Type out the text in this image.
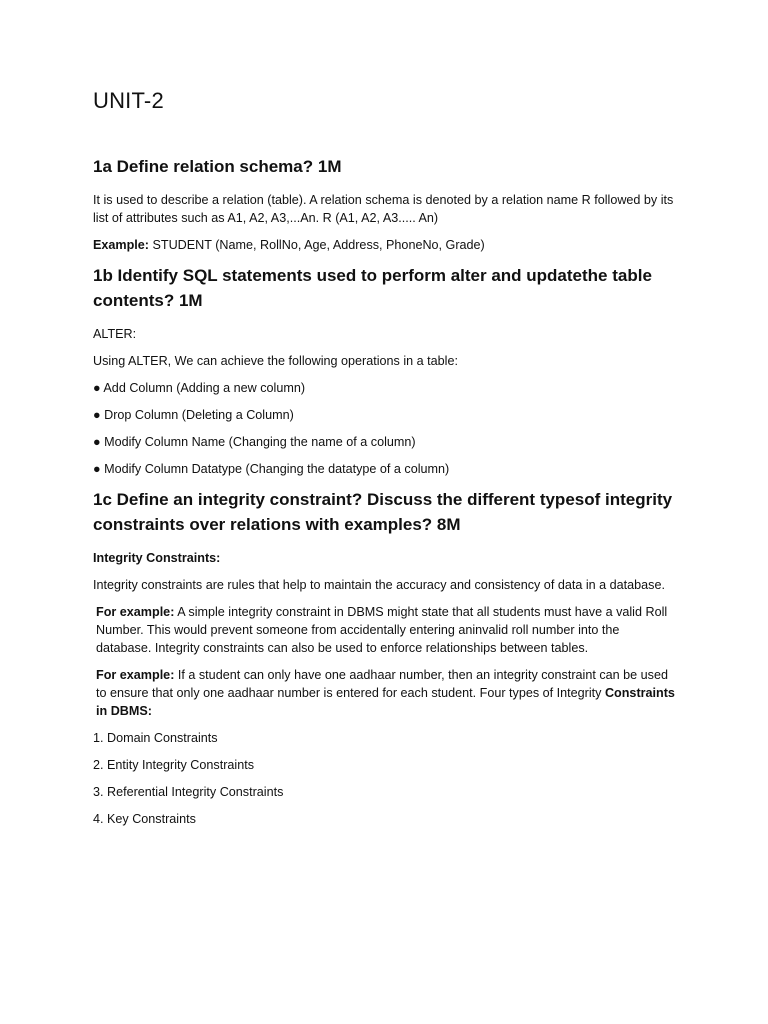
UNIT-2
1a Define relation schema? 1M

It is used to describe a relation (table). A relation schema is denoted by a relation name R followed by its list of attributes such as A1, A2, A3,...An. R (A1, A2, A3..... An)

Example: STUDENT (Name, RollNo, Age, Address, PhoneNo, Grade)

1b Identify SQL statements used to perform alter and updatethe table contents? 1M

ALTER:

Using ALTER, We can achieve the following operations in a table:

● Add Column (Adding a new column)

● Drop Column (Deleting a Column)

● Modify Column Name (Changing the name of a column)

● Modify Column Datatype (Changing the datatype of a column)

1c Define an integrity constraint? Discuss the different typesof integrity constraints over relations with examples? 8M

Integrity Constraints:

Integrity constraints are rules that help to maintain the accuracy and consistency of data in a database.

For example: A simple integrity constraint in DBMS might state that all students must have a valid Roll Number. This would prevent someone from accidentally entering aninvalid roll number into the database. Integrity constraints can also be used to enforce relationships between tables.

For example: If a student can only have one aadhaar number, then an integrity constraint can be used to ensure that only one aadhaar number is entered for each student. Four types of Integrity Constraints in DBMS:

1. Domain Constraints

2. Entity Integrity Constraints

3. Referential Integrity Constraints

4. Key Constraints
